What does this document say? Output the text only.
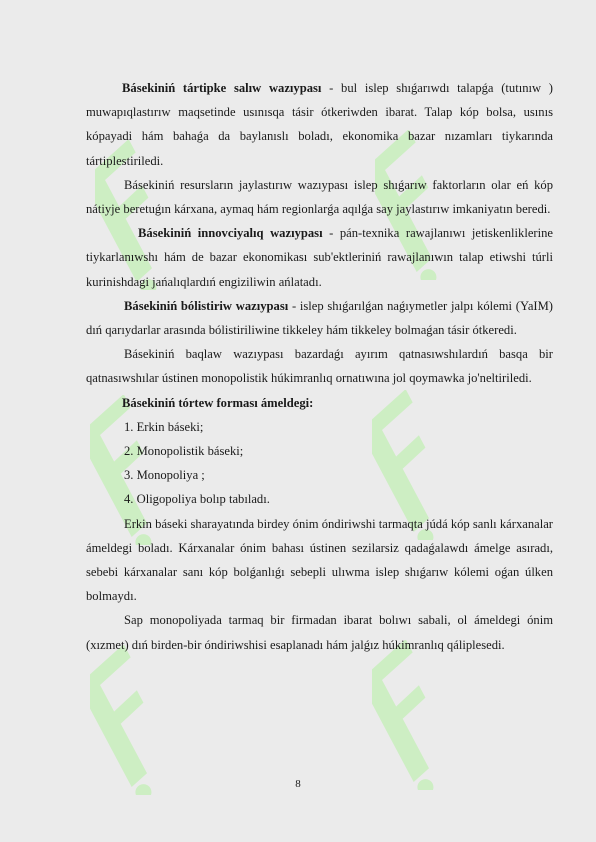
Básekiniń tártipke salıw wazıypası - bul islep shıǵarıwdı talapǵa (tutınıw ) muwapıqlastırıw maqsetinde usınısqa tásir ótkeriwden ibarat. Talap kóp bolsa, usınıs kópayadi hám bahaǵa da baylanıslı boladı, ekonomika bazar nızamları tiykarında tártiplestiriledi.

Básekiniń resursların jaylastırıw wazıypası islep shıǵarıw faktorların olar eń kóp nátiyje beretuǵın kárxana, aymaq hám regionlarǵa aqılǵa say jaylastırıw imkaniyatın beredi.

Básekiniń innovciyalıq wazıypası - pán-texnika rawajlanıwı jetiskenliklerine tiykarlanıwshı hám de bazar ekonomikası sub'ektleriniń rawajlanıwın talap etiwshi túrli kurinishdagi jańalıqlardıń engiziliwin ańlatadı.

Básekiniń bólistiriw wazıypası - islep shıǵarılǵan naǵıymetler jalpı kólemi (YaIM) dıń qarıydarlar arasında bólistiriliwine tikkeley hám tikkeley bolmaǵan tásir ótkeredi.

Básekiniń baqlaw wazıypası bazardaǵı ayırım qatnasıwshılardıń basqa bir qatnasıwshılar ústinen monopolistik húkimranlıq ornatıwına jol qoymawka jo'neltiriledi.

Básekiniń tórtew forması ámeldegi:

1. Erkin báseki;

2. Monopolistik báseki;

3. Monopoliya ;

4. Oligopoliya bolıp tabıladı.

Erkin báseki sharayatında birdey ónim óndiriwshi tarmaqta júdá kóp sanlı kárxanalar ámeldegi boladı. Kárxanalar ónim bahası ústinen sezilarsiz qadaǵalawdı ámelge asıradı, sebebi kárxanalar sanı kóp bolǵanlıǵı sebepli ulıwma islep shıǵarıw kólemi oǵan úlken bolmaydı.

Sap monopoliyada tarmaq bir firmadan ibarat bolıwı sabali, ol ámeldegi ónim (xızmet) dıń birden-bir óndiriwshisi esaplanadı hám jalǵız húkimranlıq qáliplesedi.

8
